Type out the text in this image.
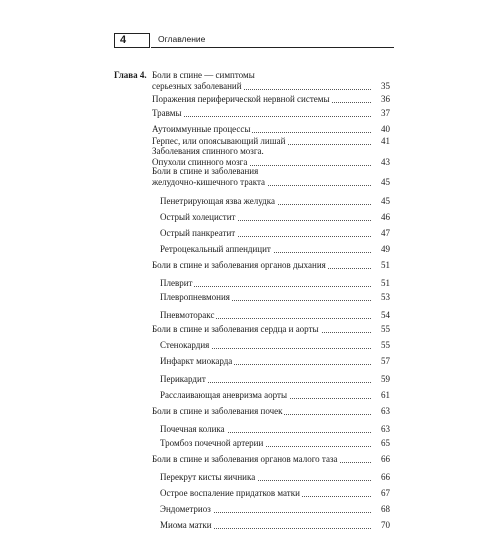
4	Оглавление
Глава 4. Боли в спине — симптомы
серьезных заболеваний	35
Поражения периферической нервной системы	36
Травмы	37
Аутоиммунные процессы	40
Герпес, или опоясывающий лишай	41
Заболевания спинного мозга.
Опухоли спинного мозга	43
Боли в спине и заболевания
желудочно-кишечного тракта	45
Пенетрирующая язва желудка	45
Острый холецистит	46
Острый панкреатит	47
Ретроцекальный аппендицит	49
Боли в спине и заболевания органов дыхания	51
Плеврит	51
Плевропневмония	53
Пневмоторакс	54
Боли в спине и заболевания сердца и аорты	55
Стенокардия	55
Инфаркт миокарда	57
Перикардит	59
Расслаивающая аневризма аорты	61
Боли в спине и заболевания почек	63
Почечная колика	63
Тромбоз почечной артерии	65
Боли в спине и заболевания органов малого таза	66
Перекрут кисты яичника	66
Острое воспаление придатков матки	67
Эндометриоз	68
Миома матки	70
